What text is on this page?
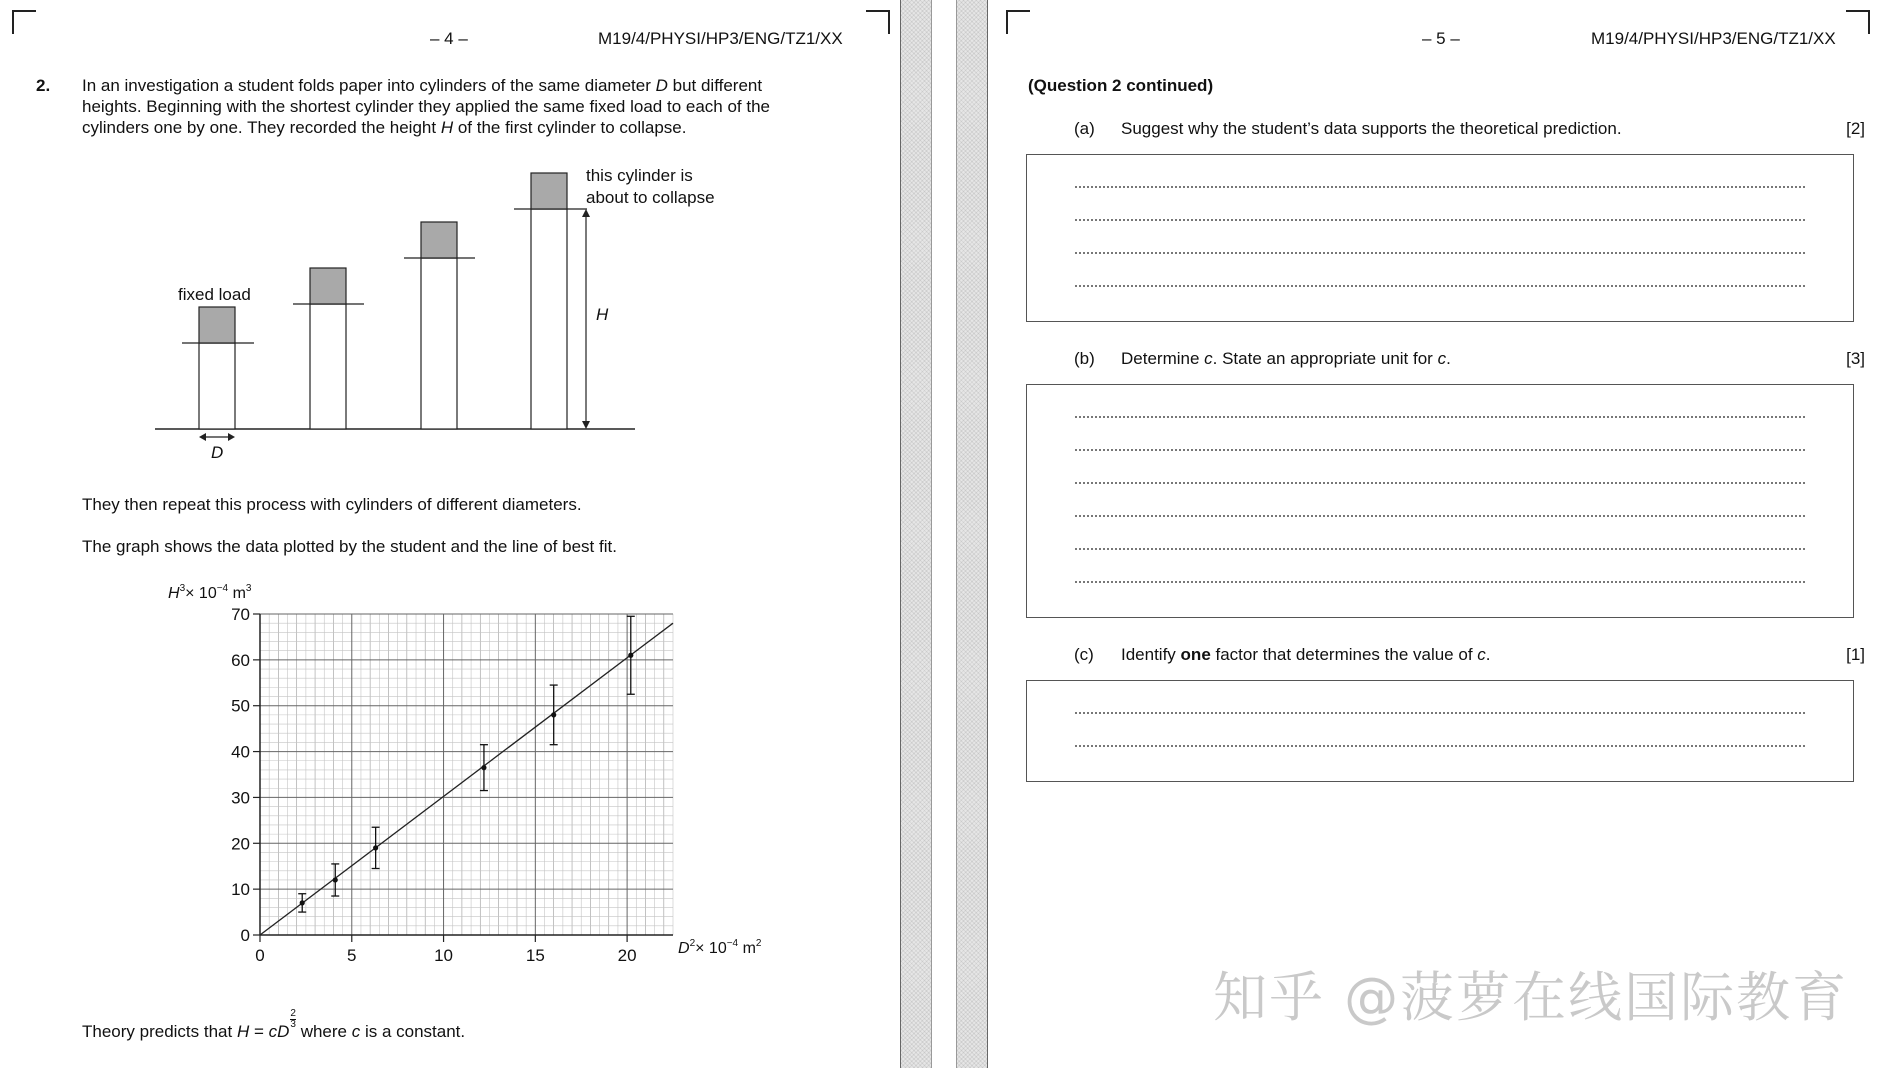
– 4 –	M19/4/PHYSI/HP3/ENG/TZ1/XX
2. In an investigation a student folds paper into cylinders of the same diameter D but different
heights. Beginning with the shortest cylinder they applied the same fixed load to each of the
cylinders one by one. They recorded the height H of the first cylinder to collapse.
fixed load
this cylinder is
about to collapse
H
D
They then repeat this process with cylinders of different diameters.
The graph shows the data plotted by the student and the line of best fit.
0	5	10	15	20
0
10
20
30
40
50
60
70
$H^3\times 10^{-4}$ $m^3$
$D^2\times 10^{-4}$ $m^2$
Theory predicts that H = cD
$\frac{2}{3}$
where c is a constant.
– 5 –	M19/4/PHYSI/HP3/ENG/TZ1/XX
(Question 2 continued)
(a) Suggest why the student’s data supports the theoretical prediction.	[2]
(b) Determine c. State an appropriate unit for c.	[3]
(c) Identify one factor that determines the value of c.	[1]
知乎 @菠萝在线国际教育
